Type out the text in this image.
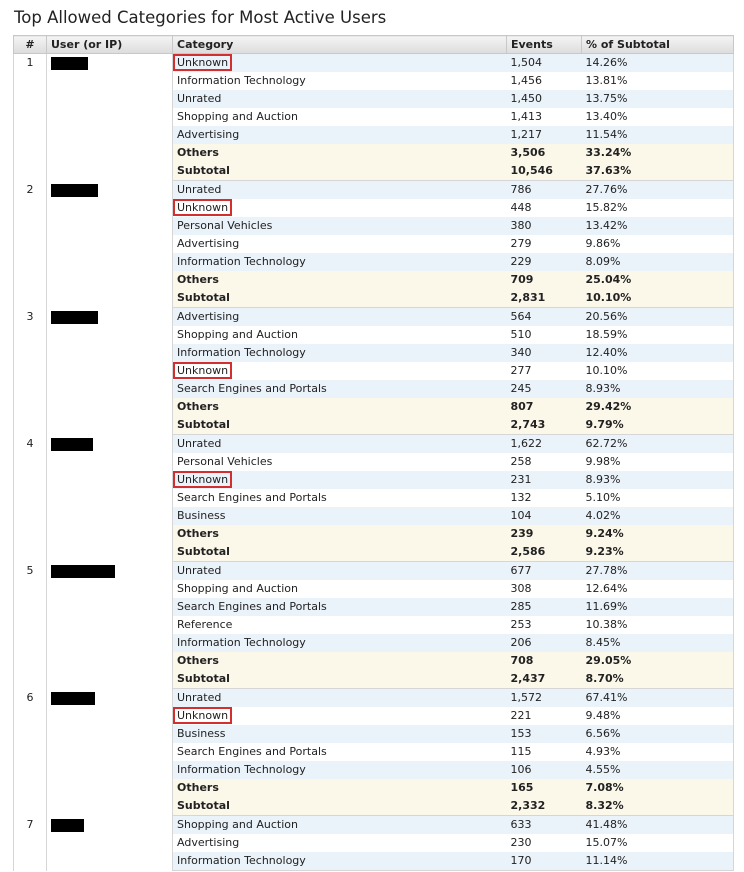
Top Allowed Categories for Most Active Users
#	User (or IP)	Category	Events	% of Subtotal
1		Unknown	1,504	14.26%
		Information Technology	1,456	13.81%
		Unrated	1,450	13.75%
		Shopping and Auction	1,413	13.40%
		Advertising	1,217	11.54%
		Others	3,506	33.24%
		Subtotal	10,546	37.63%
2		Unrated	786	27.76%
		Unknown	448	15.82%
		Personal Vehicles	380	13.42%
		Advertising	279	9.86%
		Information Technology	229	8.09%
		Others	709	25.04%
		Subtotal	2,831	10.10%
3		Advertising	564	20.56%
		Shopping and Auction	510	18.59%
		Information Technology	340	12.40%
		Unknown	277	10.10%
		Search Engines and Portals	245	8.93%
		Others	807	29.42%
		Subtotal	2,743	9.79%
4		Unrated	1,622	62.72%
		Personal Vehicles	258	9.98%
		Unknown	231	8.93%
		Search Engines and Portals	132	5.10%
		Business	104	4.02%
		Others	239	9.24%
		Subtotal	2,586	9.23%
5		Unrated	677	27.78%
		Shopping and Auction	308	12.64%
		Search Engines and Portals	285	11.69%
		Reference	253	10.38%
		Information Technology	206	8.45%
		Others	708	29.05%
		Subtotal	2,437	8.70%
6		Unrated	1,572	67.41%
		Unknown	221	9.48%
		Business	153	6.56%
		Search Engines and Portals	115	4.93%
		Information Technology	106	4.55%
		Others	165	7.08%
		Subtotal	2,332	8.32%
7		Shopping and Auction	633	41.48%
		Advertising	230	15.07%
		Information Technology	170	11.14%
